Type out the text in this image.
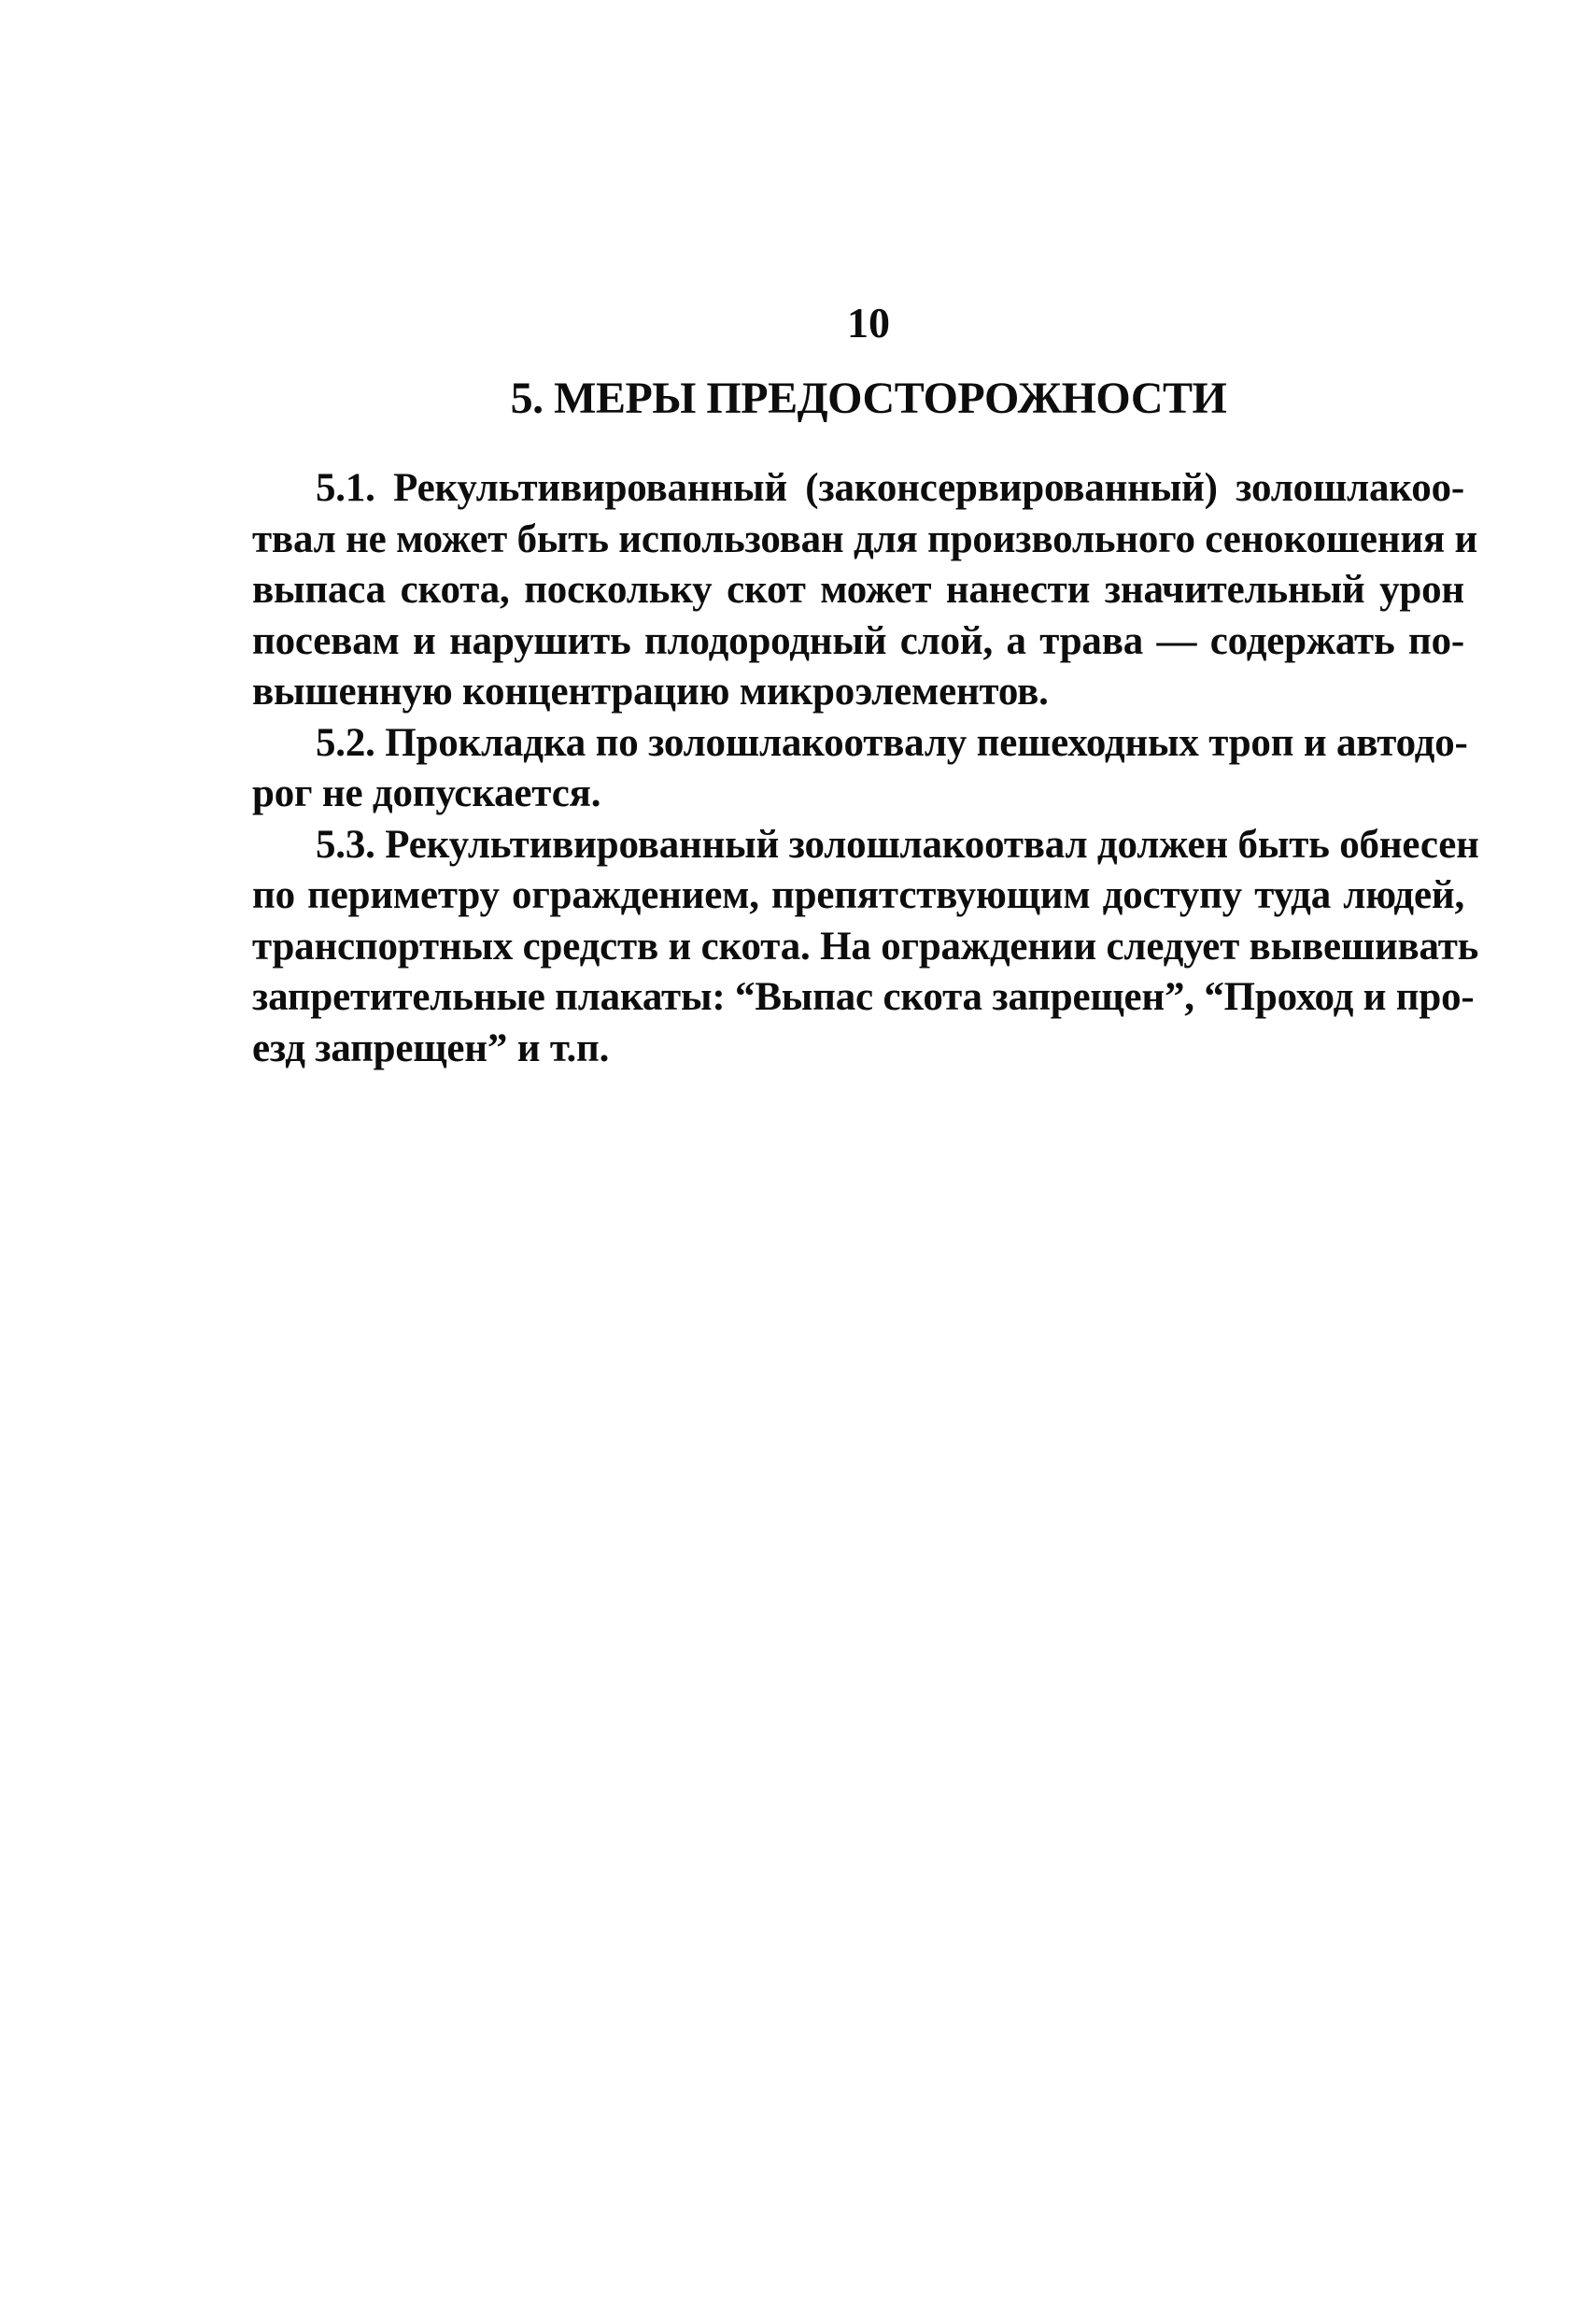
10
5. МЕРЫ ПРЕДОСТОРОЖНОСТИ

5.1. Рекультивированный (законсервированный) золошлакоо-
твал не может быть использован для произвольного сенокошения и
выпаса скота, поскольку скот может нанести значительный урон
посевам и нарушить плодородный слой, а трава — содержать по-
вышенную концентрацию микроэлементов.

5.2. Прокладка по золошлакоотвалу пешеходных троп и автодо-
рог не допускается.

5.3. Рекультивированный золошлакоотвал должен быть обнесен
по периметру ограждением, препятствующим доступу туда людей,
транспортных средств и скота. На ограждении следует вывешивать
запретительные плакаты: “Выпас скота запрещен”, “Проход и про-
езд запрещен” и т.п.
